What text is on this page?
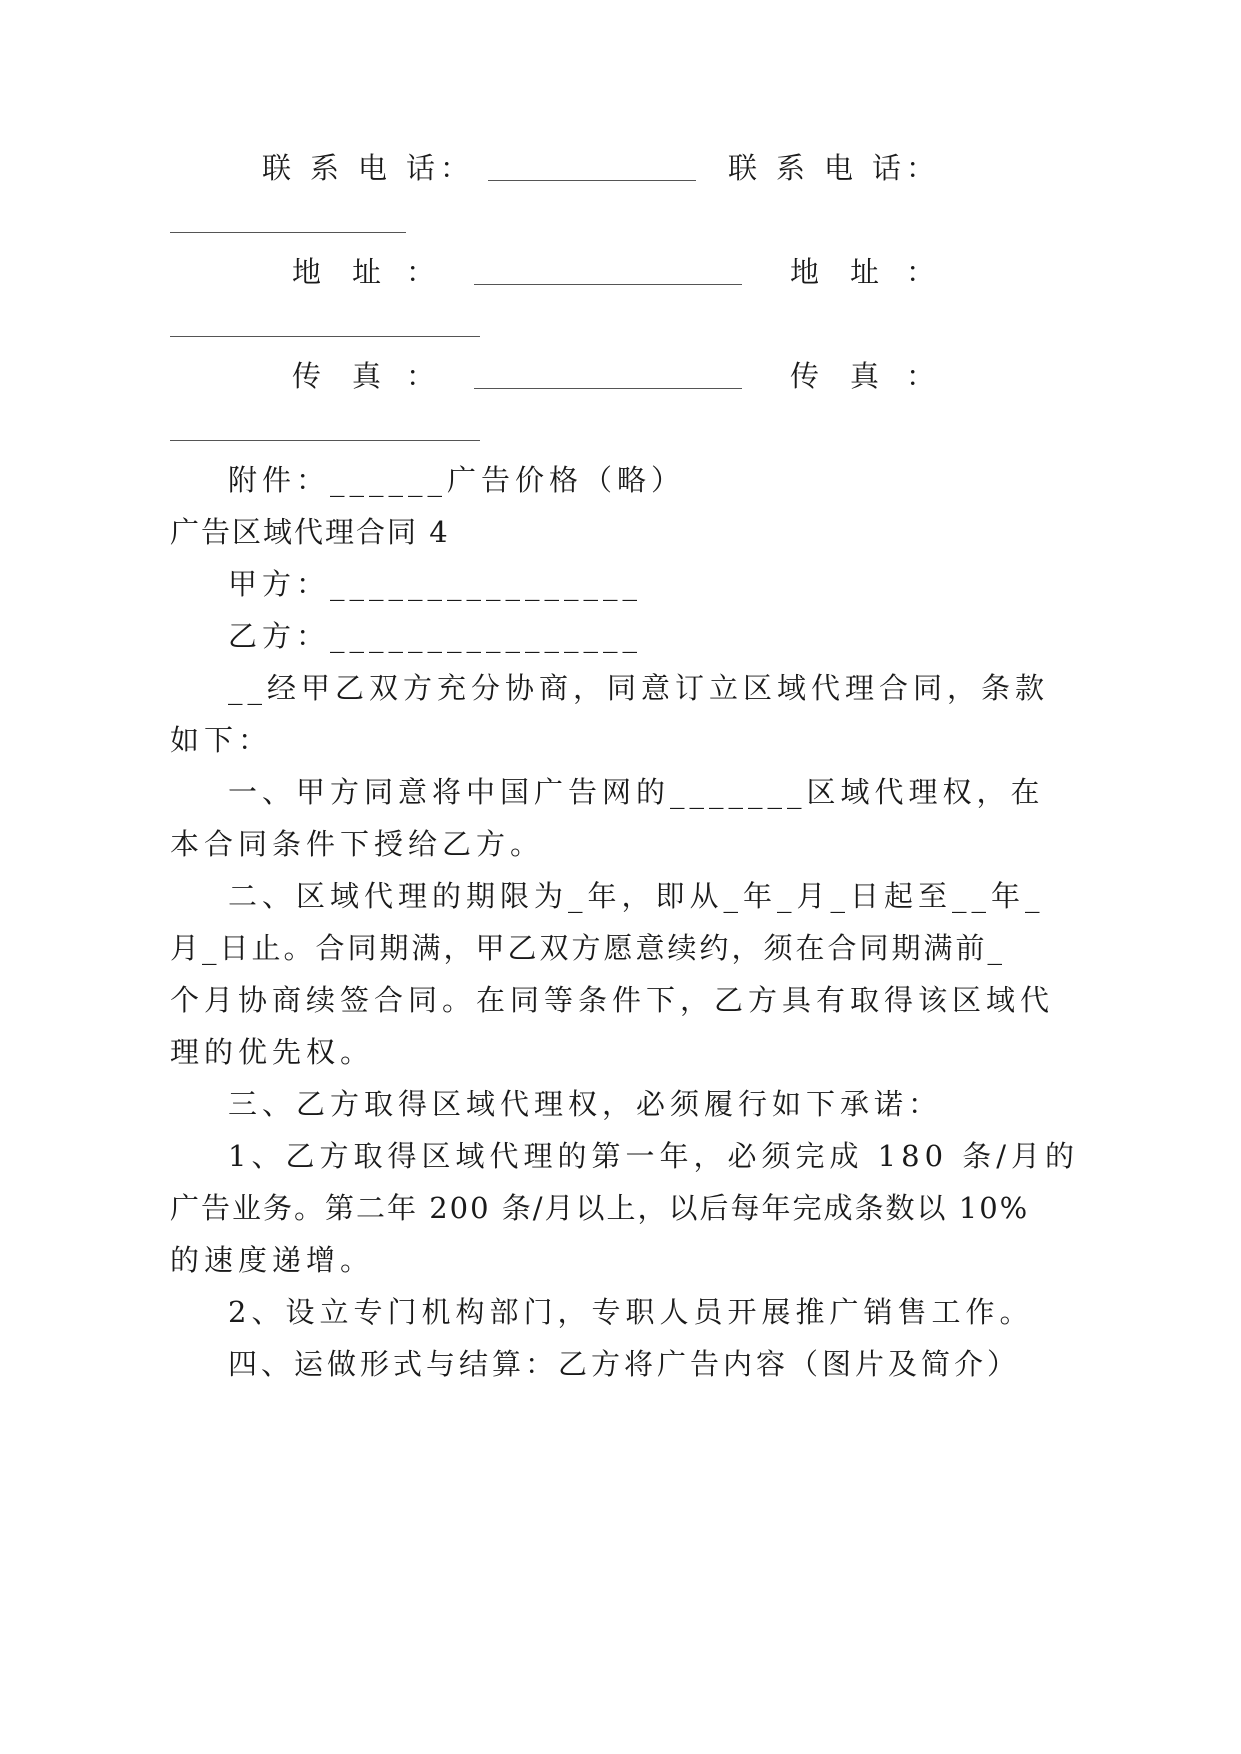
联 系 电 话 ：	联 系 电 话 ：
地 址 ：	地 址 ：
传 真 ：	传 真 ：
附件：______广告价格（略）
广告区域代理合同 4
甲方：________________
乙方：________________
__经甲乙双方充分协商，同意订立区域代理合同，条款
如下：
一、甲方同意将中国广告网的_______区域代理权，在
本合同条件下授给乙方。
二、区域代理的期限为_年，即从_年_月_日起至__年_
月_日止。合同期满，甲乙双方愿意续约，须在合同期满前_
个月协商续签合同。在同等条件下，乙方具有取得该区域代
理的优先权。
三、乙方取得区域代理权，必须履行如下承诺：
1、乙方取得区域代理的第一年，必须完成 180 条/月的
广告业务。第二年 200 条/月以上，以后每年完成条数以 10%
的速度递增。
2、设立专门机构部门，专职人员开展推广销售工作。
四、运做形式与结算：乙方将广告内容（图片及简介）
